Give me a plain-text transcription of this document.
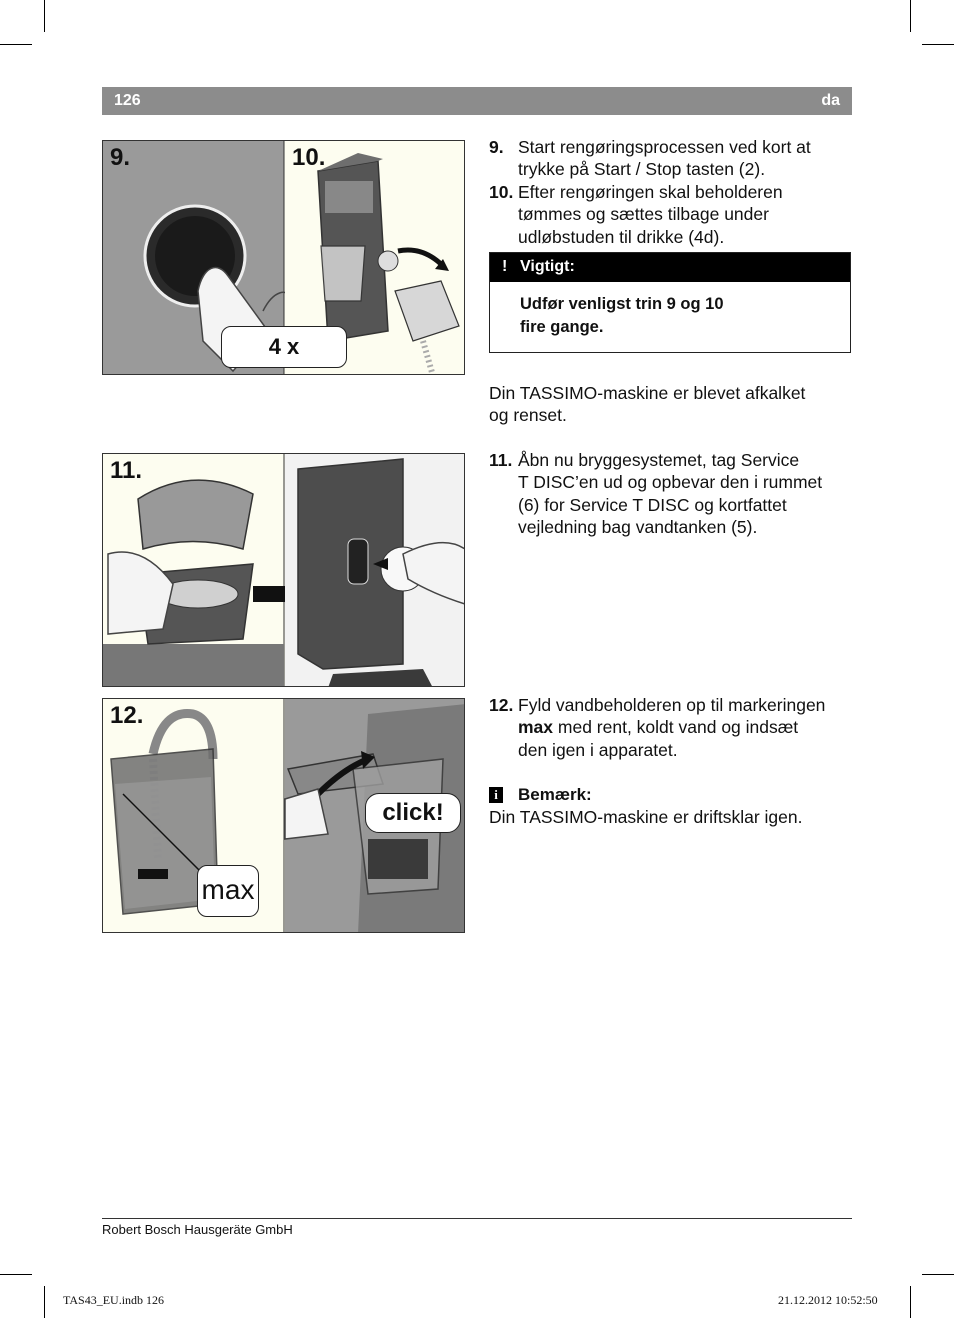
126	da
9.	10.
4 x
11.
12.
max
click!
9. Start rengøringsprocessen ved kort at
trykke på Start / Stop tasten (2).
10. Efter rengøringen skal beholderen
tømmes og sættes tilbage under
udløbstuden til drikke (4d).
! Vigtigt:
Udfør venligst trin 9 og 10
fire gange.
Din TASSIMO-maskine er blevet afkalket
og renset.
11. Åbn nu bryggesystemet, tag Service
T DISC’en ud og opbevar den i rummet
(6) for Service T DISC og kortfattet
vejledning bag vandtanken (5).
12. Fyld vandbeholderen op til markeringen
max med rent, koldt vand og indsæt
den igen i apparatet.
i	Bemærk:
Din TASSIMO-maskine er driftsklar igen.
Robert Bosch Hausgeräte GmbH
TAS43_EU.indb 126	21.12.2012 10:52:50
